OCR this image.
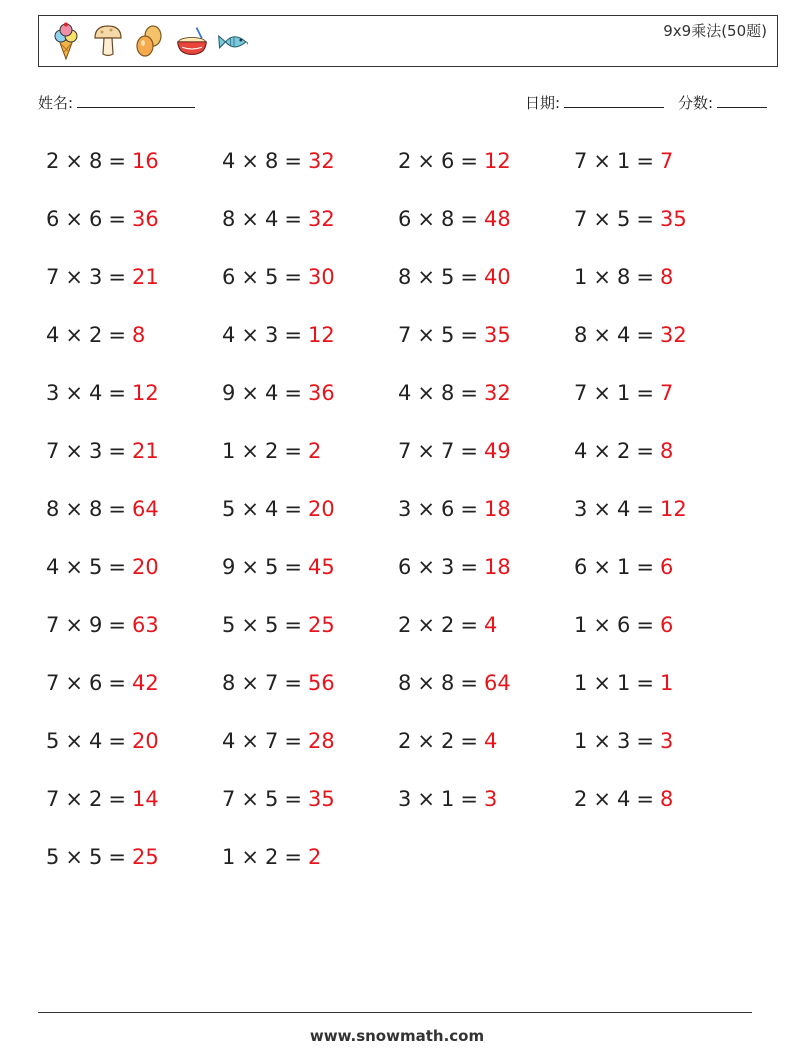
9x9乘法(50题)
姓名:	日期:	分数:
2 × 8 = 16	4 × 8 = 32	2 × 6 = 12	7 × 1 = 7
6 × 6 = 36	8 × 4 = 32	6 × 8 = 48	7 × 5 = 35
7 × 3 = 21	6 × 5 = 30	8 × 5 = 40	1 × 8 = 8
4 × 2 = 8	4 × 3 = 12	7 × 5 = 35	8 × 4 = 32
3 × 4 = 12	9 × 4 = 36	4 × 8 = 32	7 × 1 = 7
7 × 3 = 21	1 × 2 = 2	7 × 7 = 49	4 × 2 = 8
8 × 8 = 64	5 × 4 = 20	3 × 6 = 18	3 × 4 = 12
4 × 5 = 20	9 × 5 = 45	6 × 3 = 18	6 × 1 = 6
7 × 9 = 63	5 × 5 = 25	2 × 2 = 4	1 × 6 = 6
7 × 6 = 42	8 × 7 = 56	8 × 8 = 64	1 × 1 = 1
5 × 4 = 20	4 × 7 = 28	2 × 2 = 4	1 × 3 = 3
7 × 2 = 14	7 × 5 = 35	3 × 1 = 3	2 × 4 = 8
5 × 5 = 25	1 × 2 = 2
www.snowmath.com
